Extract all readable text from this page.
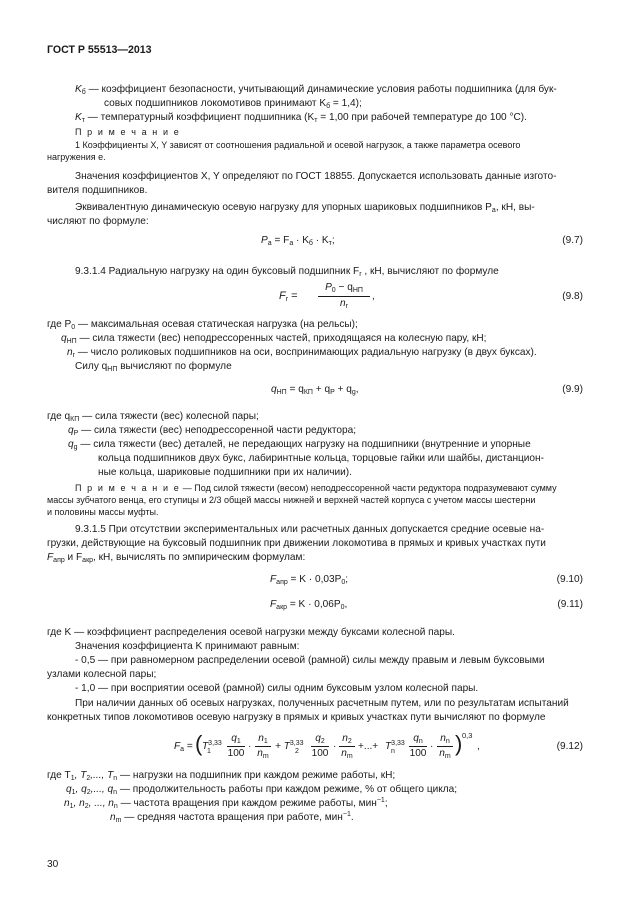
ГОСТ Р 55513—2013
$K_б$ — коэффициент безопасности, учитывающий динамические условия работы подшипника (для бук-
совых подшипников локомотивов принимают $K_б = 1,4$);
$K_т$ — температурный коэффициент подшипника ($K_т = 1,00$ при рабочей температуре до 100 °С).
П р и м е ч а н и е
1 Коэффициенты X, Y зависят от соотношения радиальной и осевой нагрузок, а также параметра осевого
нагружения e.
Значения коэффициентов X, Y определяют по ГОСТ 18855. Допускается использовать данные изгото-
вителя подшипников.
Эквивалентную динамическую осевую нагрузку для упорных шариковых подшипников $P_а$, кН, вы-
числяют по формуле:
$P_a = F_a \cdot K_б \cdot K_т$;	(9.7)
9.3.1.4 Радиальную нагрузку на один буксовый подшипник $F_r$ , кН, вычисляют по формуле
$F_r$ =
$P_0 - q_{НП}$
$n_r$
,	(9.8)
где $P_0$ — максимальная осевая статическая нагрузка (на рельсы);
$q_{НП}$ — сила тяжести (вес) неподрессоренных частей, приходящаяся на колесную пару, кН;
$n_r$ — число роликовых подшипников на оси, воспринимающих радиальную нагрузку (в двух буксах).
Силу $q_{НП}$ вычисляют по формуле
$q_{НП} = q_{КП} + q_Р + q_g$,	(9.9)
где $q_{КП}$ — сила тяжести (вес) колесной пары;
$q_Р$ — сила тяжести (вес) неподрессоренной части редуктора;
$q_g$ — сила тяжести (вес) деталей, не передающих нагрузку на подшипники (внутренние и упорные
кольца подшипников двух букс, лабиринтные кольца, торцовые гайки или шайбы, дистанцион-
ные кольца, шариковые подшипники при их наличии).
П р и м е ч а н и е — Под силой тяжести (весом) неподрессоренной части редуктора подразумевают сумму
массы зубчатого венца, его ступицы и 2/3 общей массы нижней и верхней частей корпуса с учетом массы шестерни
и половины массы муфты.
9.3.1.5 При отсутствии экспериментальных или расчетных данных допускается средние осевые на-
грузки, действующие на буксовый подшипник при движении локомотива в прямых и кривых участках пути
$F_{апр}$ и $F_{акр}$, кН, вычислять по эмпирическим формулам:
$F_{апр} = K \cdot 0,03P_0$;	(9.10)
$F_{акр} = K \cdot 0,06P_0$,	(9.11)
где K — коэффициент распределения осевой нагрузки между буксами колесной пары.
Значения коэффициента K принимают равным:
- 0,5 — при равномерном распределении осевой (рамной) силы между правым и левым буксовыми
узлами колесной пары;
- 1,0 — при восприятии осевой (рамной) силы одним буксовым узлом колесной пары.
При наличии данных об осевых нагрузках, полученных расчетным путем, или по результатам испытаний
конкретных типов локомотивов осевую нагрузку в прямых и кривых участках пути вычисляют по формуле
$F_a$ = ( T$^{3,33}$
1
$q_1$
100
·
$n_1$
$n_m$
+ T$^{3,33}$
2
$q_2$
100
·
$n_2$
$n_m$
+...+ T$^{3,33}$
n
$q_n$
100
·
$n_n$
$n_m$
) 0,3
,	(9.12)
где $T_1$, $T_2$,..., $T_n$ — нагрузки на подшипник при каждом режиме работы, кН;
$q_1$, $q_2$,..., $q_n$ — продолжительность работы при каждом режиме, % от общего цикла;
$n_1$, $n_2$, ..., $n_n$ — частота вращения при каждом режиме работы, мин$^{-1}$;
$n_m$ — средняя частота вращения при работе, мин$^{-1}$.
30
